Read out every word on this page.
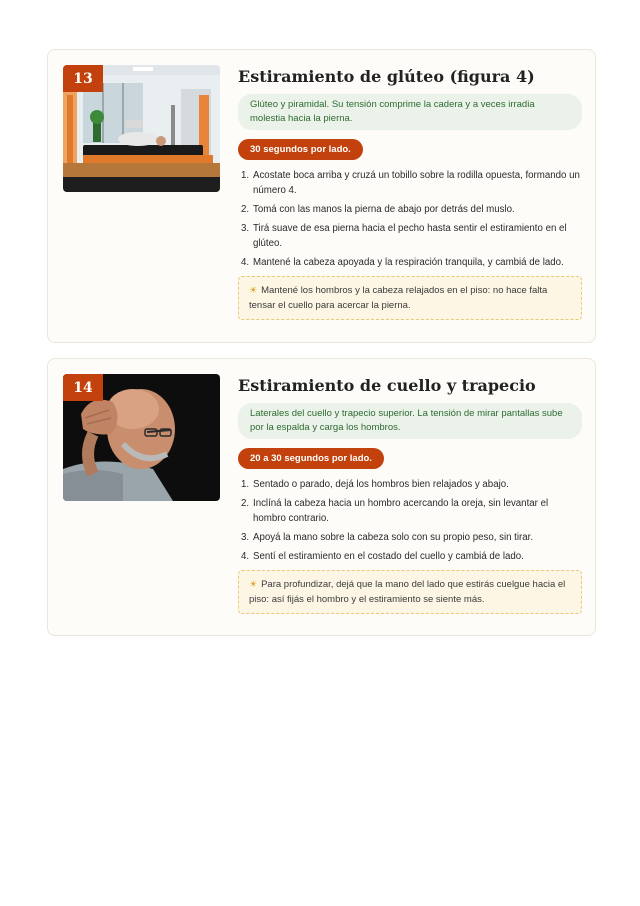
13	Estiramiento de glúteo (figura 4)
Glúteo y piramidal. Su tensión comprime la cadera y a veces irradia molestia hacia la pierna.
30 segundos por lado.
1. Acostate boca arriba y cruzá un tobillo sobre la rodilla opuesta, formando un número 4.
2. Tomá con las manos la pierna de abajo por detrás del muslo.
3. Tirá suave de esa pierna hacia el pecho hasta sentir el estiramiento en el glúteo.
4. Mantené la cabeza apoyada y la respiración tranquila, y cambiá de lado.
☀ Mantené los hombros y la cabeza relajados en el piso: no hace falta tensar el cuello para acercar la pierna.
14	Estiramiento de cuello y trapecio
Laterales del cuello y trapecio superior. La tensión de mirar pantallas sube por la espalda y carga los hombros.
20 a 30 segundos por lado.
1. Sentado o parado, dejá los hombros bien relajados y abajo.
2. Inclíná la cabeza hacia un hombro acercando la oreja, sin levantar el hombro contrario.
3. Apoyá la mano sobre la cabeza solo con su propio peso, sin tirar.
4. Sentí el estiramiento en el costado del cuello y cambiá de lado.
☀ Para profundizar, dejá que la mano del lado que estirás cuelgue hacia el piso: así fijás el hombro y el estiramiento se siente más.
